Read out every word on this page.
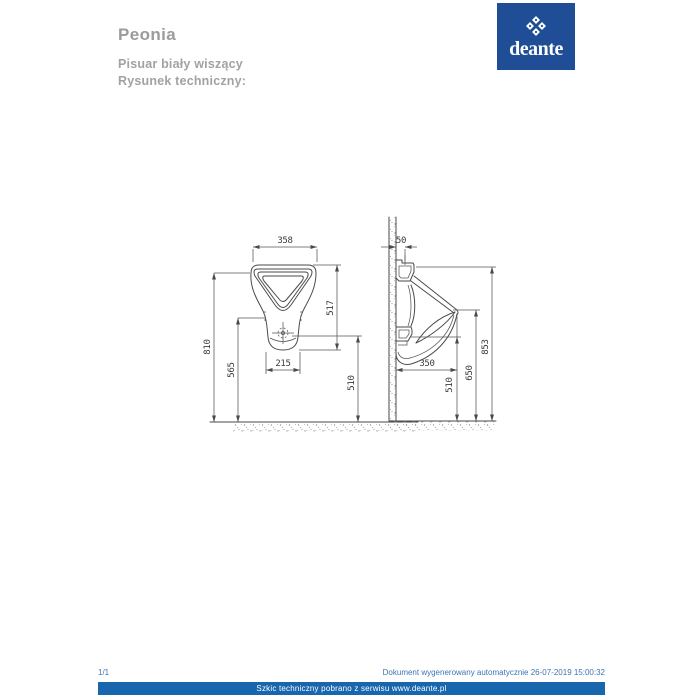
Peonia
Pisuar biały wiszący
Rysunek techniczny:
deante
358
810
565
517
215
510
50
350
510
650
853
1/1	Dokument wygenerowany automatycznie 26-07-2019 15:00:32
Szkic techniczny pobrano z serwisu www.deante.pl
